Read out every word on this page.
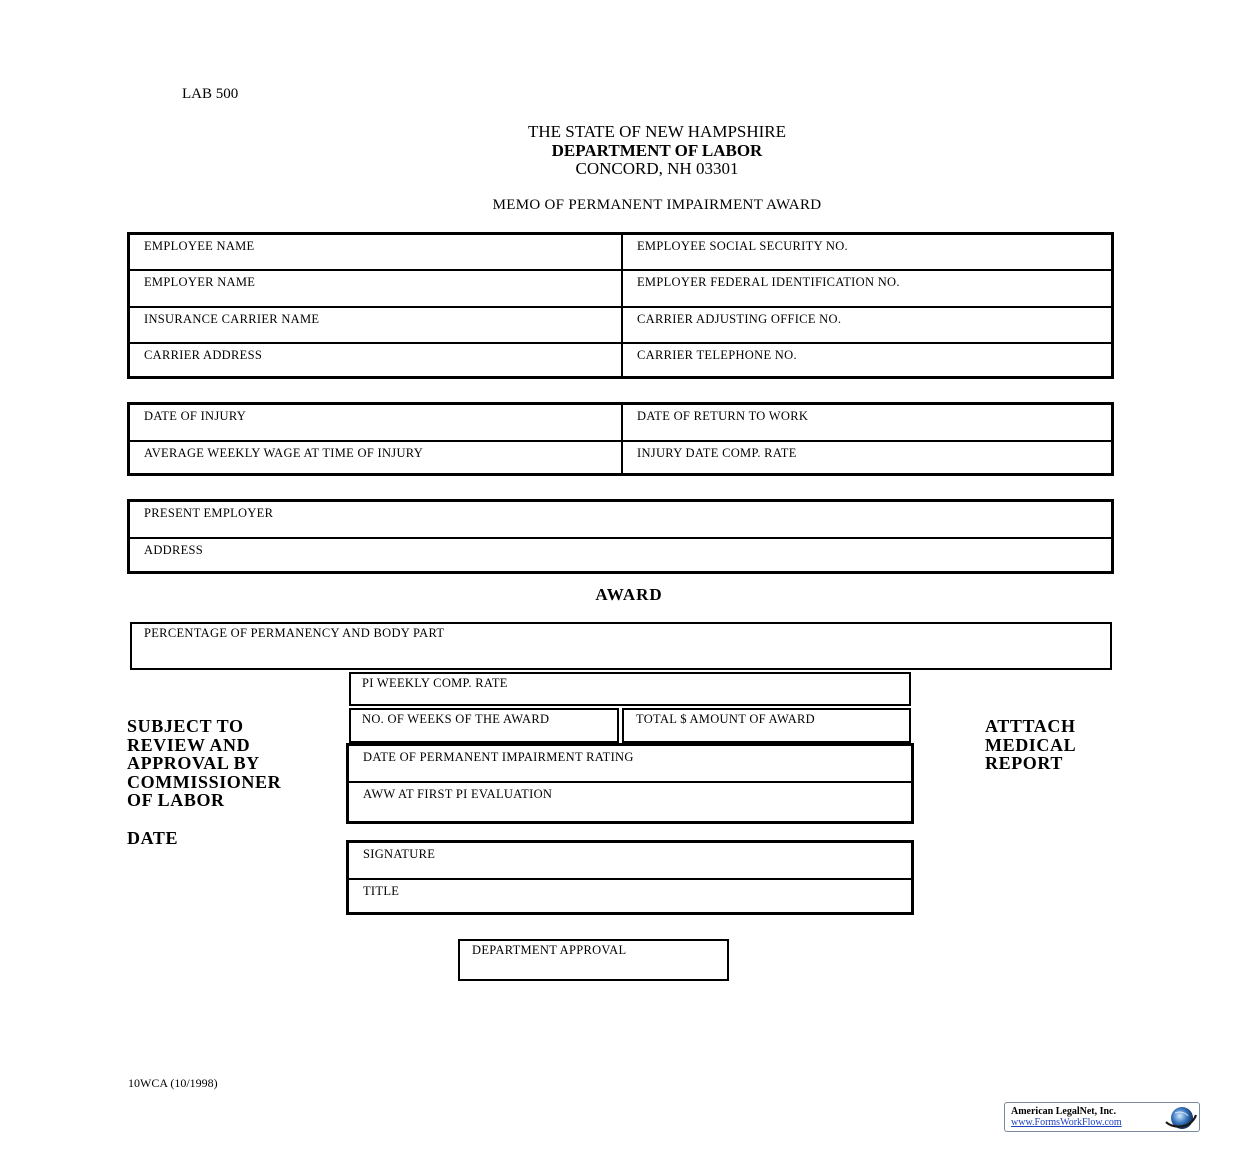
LAB 500
THE STATE OF NEW HAMPSHIRE
DEPARTMENT OF LABOR
CONCORD, NH 03301
MEMO OF PERMANENT IMPAIRMENT AWARD
EMPLOYEE NAME	EMPLOYEE SOCIAL SECURITY NO.
EMPLOYER NAME	EMPLOYER FEDERAL IDENTIFICATION NO.
INSURANCE CARRIER NAME	CARRIER ADJUSTING OFFICE NO.
CARRIER ADDRESS	CARRIER TELEPHONE NO.
DATE OF INJURY	DATE OF RETURN TO WORK
AVERAGE WEEKLY WAGE AT TIME OF INJURY	INJURY DATE COMP. RATE
PRESENT EMPLOYER
ADDRESS
AWARD
PERCENTAGE OF PERMANENCY AND BODY PART
PI WEEKLY COMP. RATE
NO. OF WEEKS OF THE AWARD	TOTAL $ AMOUNT OF AWARD
DATE OF PERMANENT IMPAIRMENT RATING
AWW AT FIRST PI EVALUATION
SIGNATURE
TITLE
DEPARTMENT APPROVAL
SUBJECT TO
REVIEW AND
APPROVAL BY
COMMISSIONER
OF LABOR
DATE
ATTTACH
MEDICAL
REPORT
10WCA (10/1998)
American LegalNet, Inc.
www.FormsWorkFlow.com
